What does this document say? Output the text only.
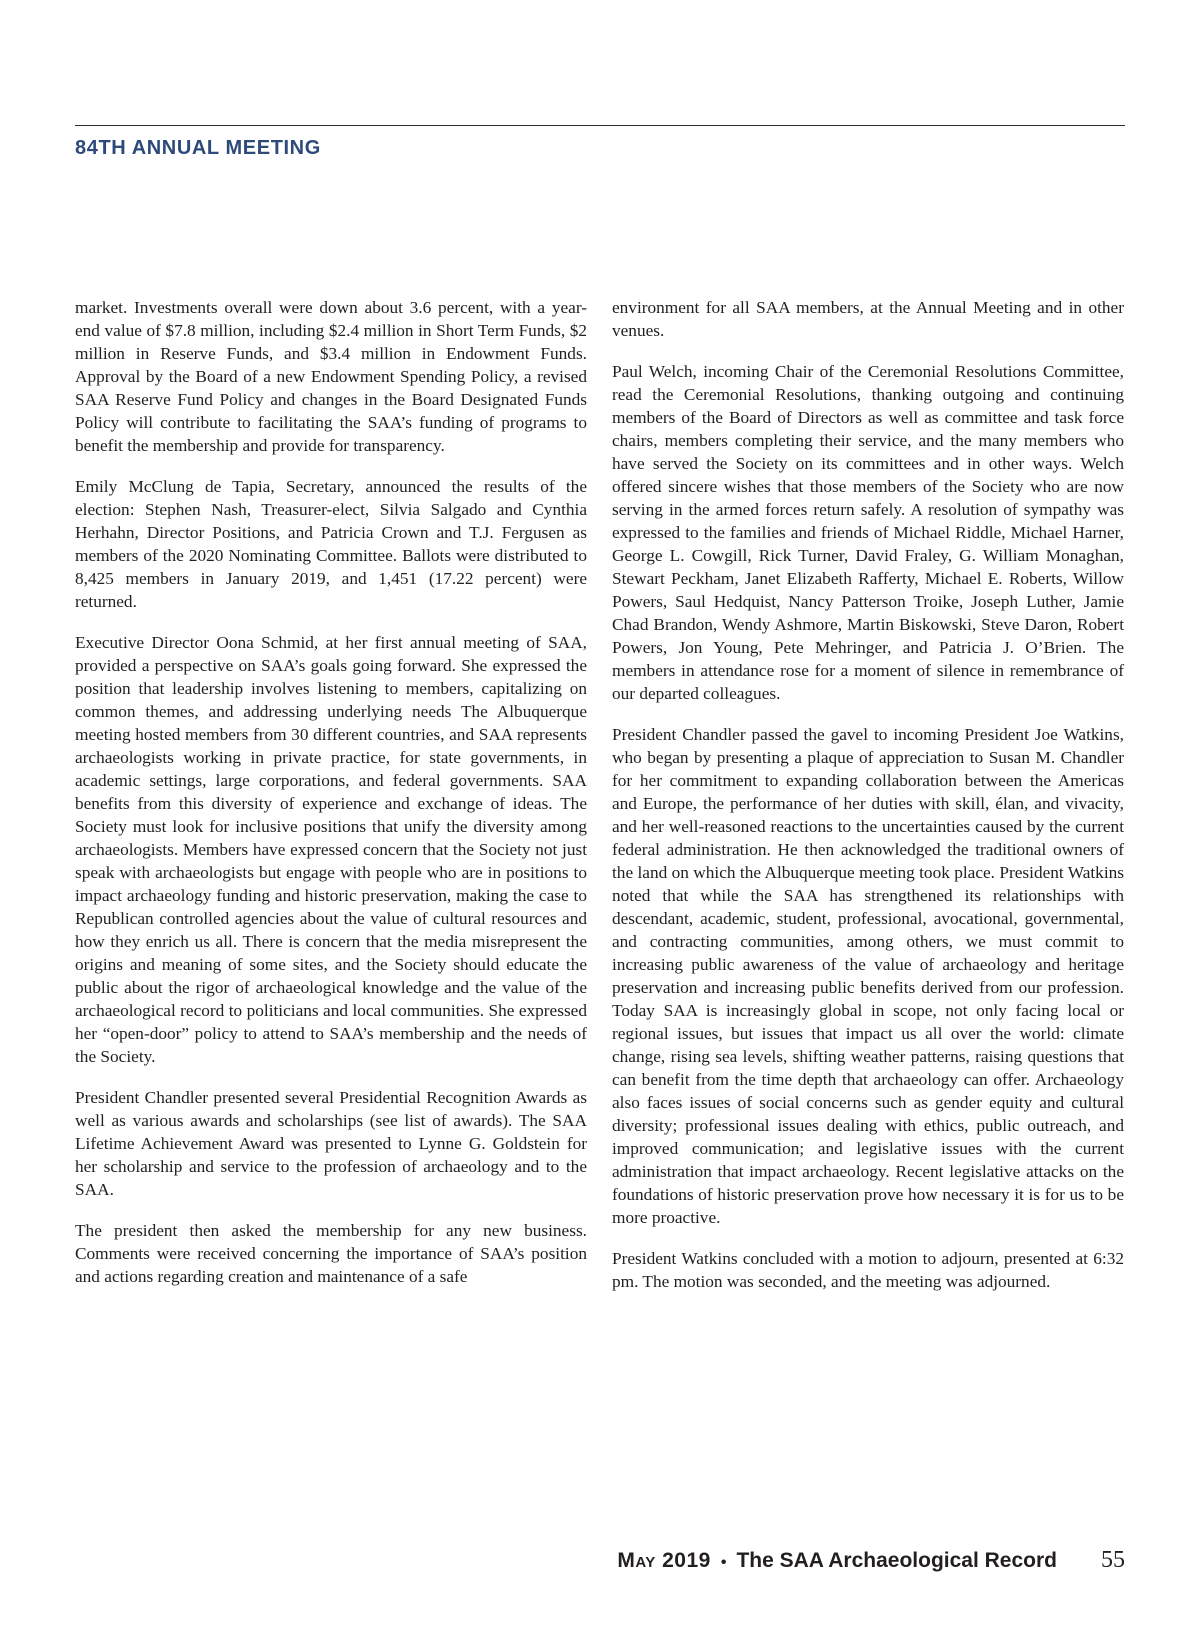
84TH ANNUAL MEETING

market. Investments overall were down about 3.6 percent, with a year-end value of $7.8 million, including $2.4 million in Short Term Funds, $2 million in Reserve Funds, and $3.4 million in Endowment Funds. Approval by the Board of a new Endowment Spending Policy, a revised SAA Reserve Fund Policy and changes in the Board Designated Funds Policy will contribute to facilitating the SAA’s funding of programs to benefit the membership and provide for transparency.

Emily McClung de Tapia, Secretary, announced the results of the election: Stephen Nash, Treasurer-elect, Silvia Salgado and Cynthia Herhahn, Director Positions, and Patricia Crown and T.J. Fergusen as members of the 2020 Nominating Committee. Ballots were distributed to 8,425 members in January 2019, and 1,451 (17.22 percent) were returned.

Executive Director Oona Schmid, at her first annual meeting of SAA, provided a perspective on SAA’s goals going forward. She expressed the position that leadership involves listening to members, capitalizing on common themes, and addressing underlying needs The Albuquerque meeting hosted members from 30 different countries, and SAA represents archaeologists working in private practice, for state governments, in academic settings, large corporations, and federal governments. SAA benefits from this diversity of experience and exchange of ideas. The Society must look for inclusive positions that unify the diversity among archaeologists. Members have expressed concern that the Society not just speak with archaeologists but engage with people who are in positions to impact archaeology funding and historic preservation, making the case to Republican controlled agencies about the value of cultural resources and how they enrich us all. There is concern that the media misrepresent the origins and meaning of some sites, and the Society should educate the public about the rigor of archaeological knowledge and the value of the archaeological record to politicians and local communities. She expressed her “open-door” policy to attend to SAA’s membership and the needs of the Society.

President Chandler presented several Presidential Recognition Awards as well as various awards and scholarships (see list of awards). The SAA Lifetime Achievement Award was presented to Lynne G. Goldstein for her scholarship and service to the profession of archaeology and to the SAA.

The president then asked the membership for any new business. Comments were received concerning the importance of SAA’s position and actions regarding creation and maintenance of a safe

environment for all SAA members, at the Annual Meeting and in other venues.

Paul Welch, incoming Chair of the Ceremonial Resolutions Committee, read the Ceremonial Resolutions, thanking outgoing and continuing members of the Board of Directors as well as committee and task force chairs, members completing their service, and the many members who have served the Society on its committees and in other ways. Welch offered sincere wishes that those members of the Society who are now serving in the armed forces return safely. A resolution of sympathy was expressed to the families and friends of Michael Riddle, Michael Harner, George L. Cowgill, Rick Turner, David Fraley, G. William Monaghan, Stewart Peckham, Janet Elizabeth Rafferty, Michael E. Roberts, Willow Powers, Saul Hedquist, Nancy Patterson Troike, Joseph Luther, Jamie Chad Brandon, Wendy Ashmore, Martin Biskowski, Steve Daron, Robert Powers, Jon Young, Pete Mehringer, and Patricia J. O’Brien. The members in attendance rose for a moment of silence in remembrance of our departed colleagues.

President Chandler passed the gavel to incoming President Joe Watkins, who began by presenting a plaque of appreciation to Susan M. Chandler for her commitment to expanding collaboration between the Americas and Europe, the performance of her duties with skill, élan, and vivacity, and her well-reasoned reactions to the uncertainties caused by the current federal administration. He then acknowledged the traditional owners of the land on which the Albuquerque meeting took place. President Watkins noted that while the SAA has strengthened its relationships with descendant, academic, student, professional, avocational, governmental, and contracting communities, among others, we must commit to increasing public awareness of the value of archaeology and heritage preservation and increasing public benefits derived from our profession. Today SAA is increasingly global in scope, not only facing local or regional issues, but issues that impact us all over the world: climate change, rising sea levels, shifting weather patterns, raising questions that can benefit from the time depth that archaeology can offer. Archaeology also faces issues of social concerns such as gender equity and cultural diversity; professional issues dealing with ethics, public outreach, and improved communication; and legislative issues with the current administration that impact archaeology. Recent legislative attacks on the foundations of historic preservation prove how necessary it is for us to be more proactive.

President Watkins concluded with a motion to adjourn, presented at 6:32 pm. The motion was seconded, and the meeting was adjourned.

May 2019 • The SAA Archaeological Record 55
